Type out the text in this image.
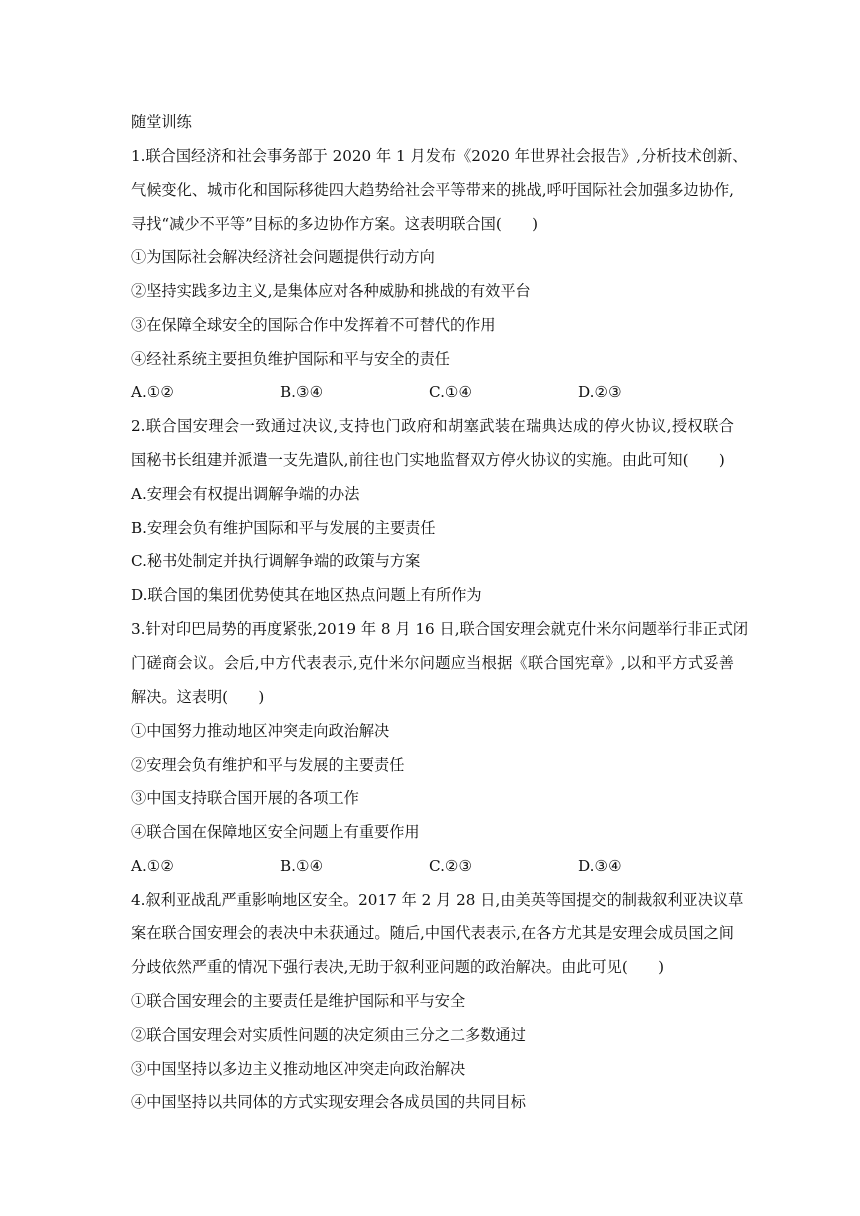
随堂训练
1.联合国经济和社会事务部于 2020 年 1 月发布《2020 年世界社会报告》,分析技术创新、
气候变化、城市化和国际移徙四大趋势给社会平等带来的挑战,呼吁国际社会加强多边协作,
寻找“减少不平等”目标的多边协作方案。这表明联合国(　　)
①为国际社会解决经济社会问题提供行动方向
②坚持实践多边主义,是集体应对各种威胁和挑战的有效平台
③在保障全球安全的国际合作中发挥着不可替代的作用
④经社系统主要担负维护国际和平与安全的责任
A.①②	B.③④	C.①④	D.②③
2.联合国安理会一致通过决议,支持也门政府和胡塞武装在瑞典达成的停火协议,授权联合
国秘书长组建并派遣一支先遣队,前往也门实地监督双方停火协议的实施。由此可知(　　)
A.安理会有权提出调解争端的办法
B.安理会负有维护国际和平与发展的主要责任
C.秘书处制定并执行调解争端的政策与方案
D.联合国的集团优势使其在地区热点问题上有所作为
3.针对印巴局势的再度紧张,2019 年 8 月 16 日,联合国安理会就克什米尔问题举行非正式闭
门磋商会议。会后,中方代表表示,克什米尔问题应当根据《联合国宪章》,以和平方式妥善
解决。这表明(　　)
①中国努力推动地区冲突走向政治解决
②安理会负有维护和平与发展的主要责任
③中国支持联合国开展的各项工作
④联合国在保障地区安全问题上有重要作用
A.①②	B.①④	C.②③	D.③④
4.叙利亚战乱严重影响地区安全。2017 年 2 月 28 日,由美英等国提交的制裁叙利亚决议草
案在联合国安理会的表决中未获通过。随后,中国代表表示,在各方尤其是安理会成员国之间
分歧依然严重的情况下强行表决,无助于叙利亚问题的政治解决。由此可见(　　)
①联合国安理会的主要责任是维护国际和平与安全
②联合国安理会对实质性问题的决定须由三分之二多数通过
③中国坚持以多边主义推动地区冲突走向政治解决
④中国坚持以共同体的方式实现安理会各成员国的共同目标
